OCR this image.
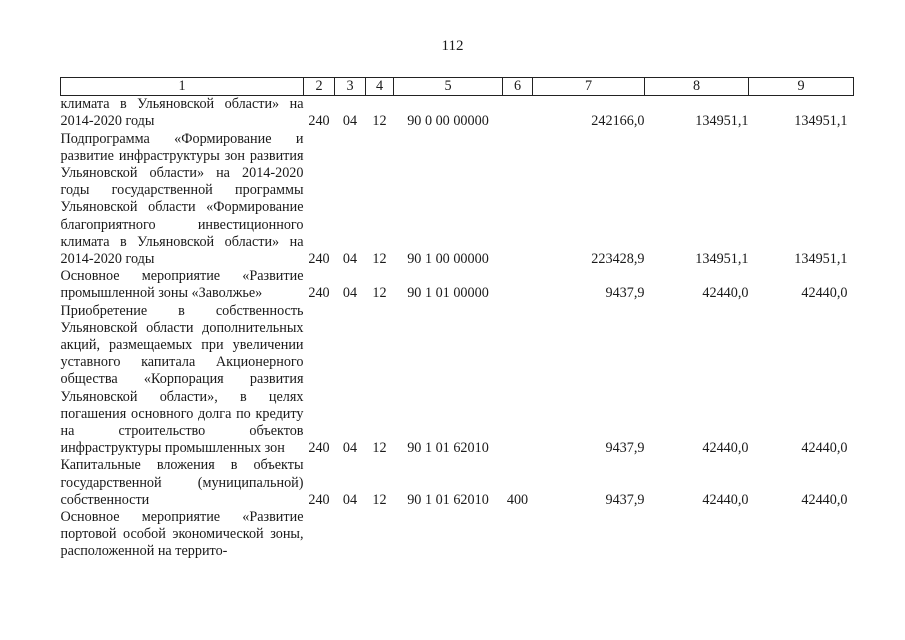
112
1	2	3	4	5	6	7	8	9
климата в Ульяновской области» на 2014-2020 годы	240	04	12	90 0 00 00000		242166,0	134951,1	134951,1
Подпрограмма «Формирование и развитие инфраструктуры зон развития Ульяновской области» на 2014-2020 годы государственной программы Ульяновской области «Формирование благоприятного инвестиционного климата в Ульяновской области» на 2014-2020 годы	240	04	12	90 1 00 00000		223428,9	134951,1	134951,1
Основное мероприятие «Развитие промышленной зоны «Заволжье»	240	04	12	90 1 01 00000		9437,9	42440,0	42440,0
Приобретение в собственность Ульяновской области дополнительных акций, размещаемых при увеличении уставного капитала Акционерного общества «Корпорация развития Ульяновской области», в целях погашения основного долга по кредиту на строительство объектов инфраструктуры промышленных зон	240	04	12	90 1 01 62010		9437,9	42440,0	42440,0
Капитальные вложения в объекты государственной (муниципальной) собственности	240	04	12	90 1 01 62010	400	9437,9	42440,0	42440,0
Основное мероприятие «Развитие портовой особой экономической зоны, расположенной на террито-								
